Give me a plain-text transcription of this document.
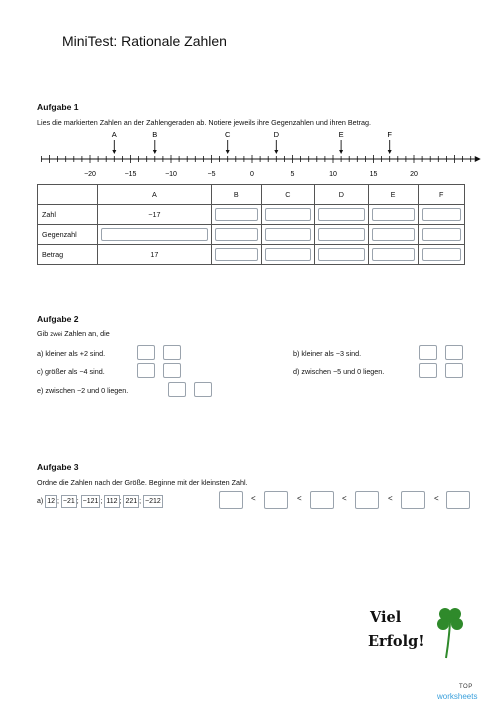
MiniTest: Rationale Zahlen
Aufgabe 1
Lies die markierten Zahlen an der Zahlengeraden ab. Notiere jeweils ihre Gegenzahlen und ihren Betrag.
−20	−15	−10	−5	0	5	10	15	20
A	B	C	D	E	F
	A	B	C	D	E	F
Zahl	−17	

Gegenzahl	

Betrag	17	

Aufgabe 2
Gib zwei Zahlen an, die
a) kleiner als +2 sind.	b) kleiner als −3 sind.
c) größer als −4 sind.	d) zwischen −5 und 0 liegen.
e) zwischen −2 und 0 liegen.
Aufgabe 3
Ordne die Zahlen nach der Größe. Beginne mit der kleinsten Zahl.
a) 12 ; −21 ; −121 ; 112 ; 221 ; −212	<	<	<	<	<
Viel
Erfolg!
TOP
worksheets
